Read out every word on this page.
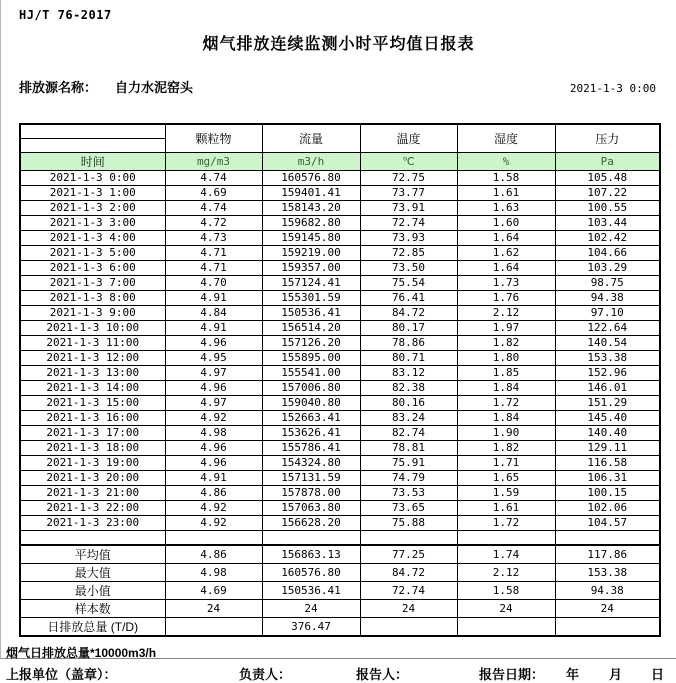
HJ/T 76-2017
烟气排放连续监测小时平均值日报表
排放源名称： 自力水泥窑头	2021-1-3 0:00
	颗粒物	流量	温度	湿度	压力

时间	mg/m3	m3/h	℃	%	Pa
2021-1-3 0:00	4.74	160576.80	72.75	1.58	105.48
2021-1-3 1:00	4.69	159401.41	73.77	1.61	107.22
2021-1-3 2:00	4.74	158143.20	73.91	1.63	100.55
2021-1-3 3:00	4.72	159682.80	72.74	1.60	103.44
2021-1-3 4:00	4.73	159145.80	73.93	1.64	102.42
2021-1-3 5:00	4.71	159219.00	72.85	1.62	104.66
2021-1-3 6:00	4.71	159357.00	73.50	1.64	103.29
2021-1-3 7:00	4.70	157124.41	75.54	1.73	98.75
2021-1-3 8:00	4.91	155301.59	76.41	1.76	94.38
2021-1-3 9:00	4.84	150536.41	84.72	2.12	97.10
2021-1-3 10:00	4.91	156514.20	80.17	1.97	122.64
2021-1-3 11:00	4.96	157126.20	78.86	1.82	140.54
2021-1-3 12:00	4.95	155895.00	80.71	1.80	153.38
2021-1-3 13:00	4.97	155541.00	83.12	1.85	152.96
2021-1-3 14:00	4.96	157006.80	82.38	1.84	146.01
2021-1-3 15:00	4.97	159040.80	80.16	1.72	151.29
2021-1-3 16:00	4.92	152663.41	83.24	1.84	145.40
2021-1-3 17:00	4.98	153626.41	82.74	1.90	140.40
2021-1-3 18:00	4.96	155786.41	78.81	1.82	129.11
2021-1-3 19:00	4.96	154324.80	75.91	1.71	116.58
2021-1-3 20:00	4.91	157131.59	74.79	1.65	106.31
2021-1-3 21:00	4.86	157878.00	73.53	1.59	100.15
2021-1-3 22:00	4.92	157063.80	73.65	1.61	102.06
2021-1-3 23:00	4.92	156628.20	75.88	1.72	104.57

平均值	4.86	156863.13	77.25	1.74	117.86
最大值	4.98	160576.80	84.72	2.12	153.38
最小值	4.69	150536.41	72.74	1.58	94.38
样本数	24	24	24	24	24
日排放总量 (T/D)		376.47			
烟气日排放总量*10000m3/h
上报单位（盖章）：	负责人：	报告人：	报告日期： 年 月 日
